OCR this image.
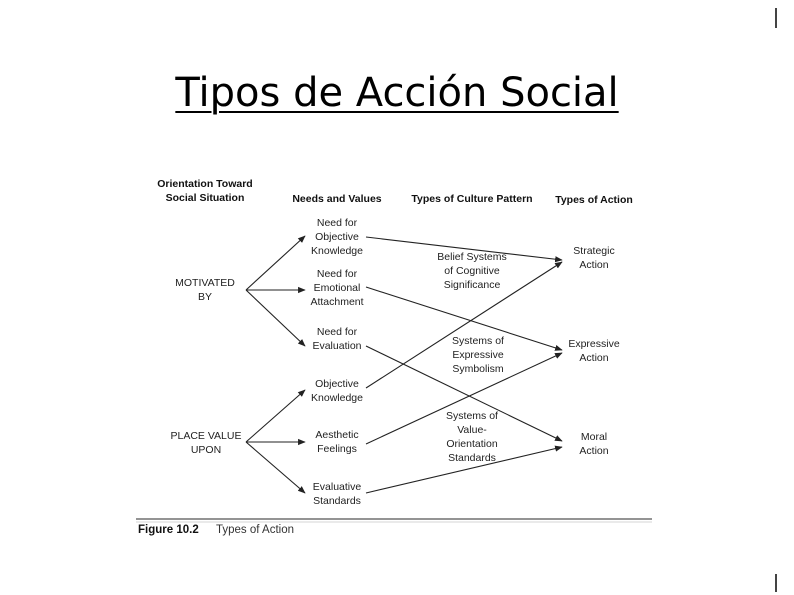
Tipos de Acción Social
Orientation Toward
Social Situation	Needs and Values	Types of Culture Pattern	Types of Action
MOTIVATED
BY
PLACE VALUE
UPON
Need for
Objective
Knowledge
Need for
Emotional
Attachment
Need for
Evaluation
Objective
Knowledge
Aesthetic
Feelings
Evaluative
Standards
Belief Systems
of Cognitive
Significance
Systems of
Expressive
Symbolism
Systems of
Value-
Orientation
Standards
Strategic
Action
Expressive
Action
Moral
Action
Figure 10.2 Types of Action
